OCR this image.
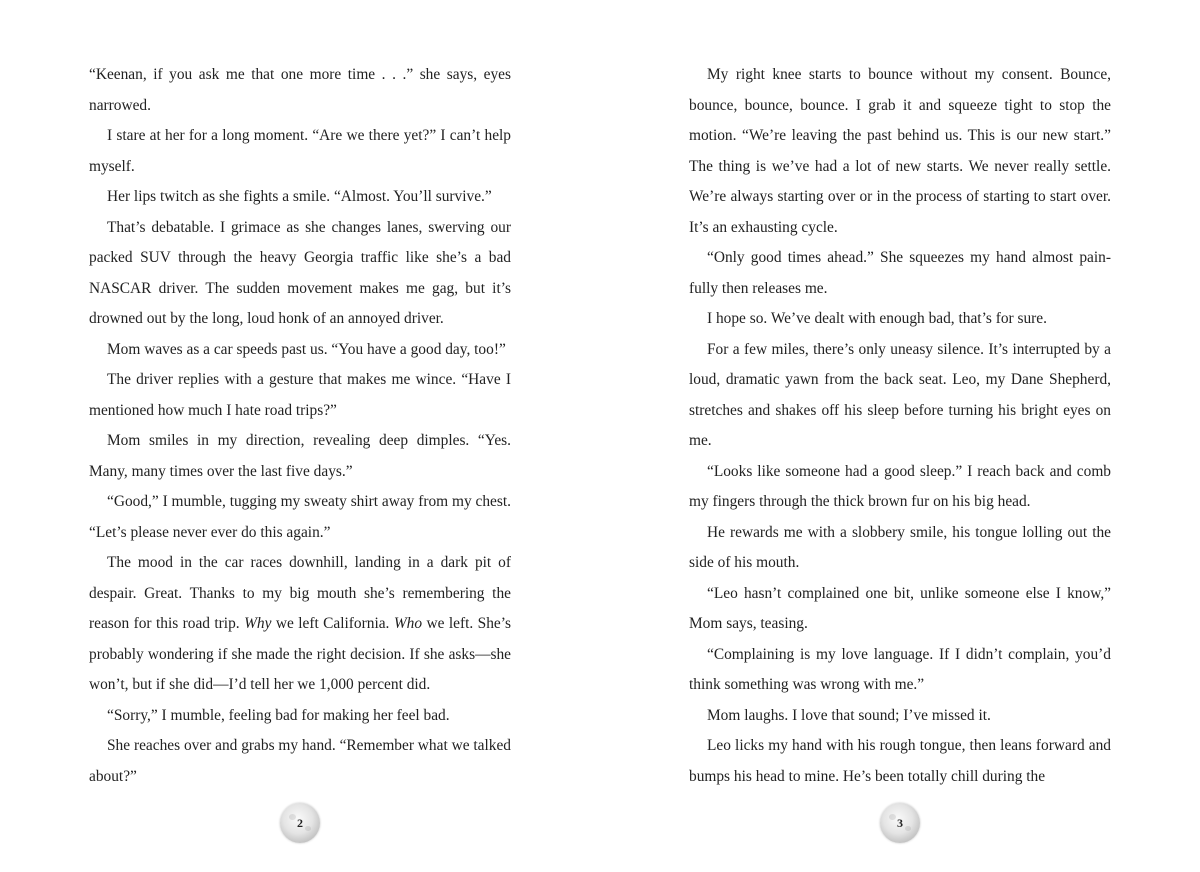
“Keenan, if you ask me that one more time . . .” she says, eyes narrowed.

I stare at her for a long moment. “Are we there yet?” I can’t help myself.

Her lips twitch as she fights a smile. “Almost. You’ll survive.”

That’s debatable. I grimace as she changes lanes, swerving our packed SUV through the heavy Georgia traffic like she’s a bad NASCAR driver. The sudden movement makes me gag, but it’s drowned out by the long, loud honk of an annoyed driver.

Mom waves as a car speeds past us. “You have a good day, too!”

The driver replies with a gesture that makes me wince. “Have I mentioned how much I hate road trips?”

Mom smiles in my direction, revealing deep dimples. “Yes. Many, many times over the last five days.”

“Good,” I mumble, tugging my sweaty shirt away from my chest. “Let’s please never ever do this again.”

The mood in the car races downhill, landing in a dark pit of despair. Great. Thanks to my big mouth she’s remembering the reason for this road trip. Why we left California. Who we left. She’s probably wondering if she made the right decision. If she asks—she won’t, but if she did—I’d tell her we 1,000 percent did.

“Sorry,” I mumble, feeling bad for making her feel bad.

She reaches over and grabs my hand. “Remember what we talked about?”

My right knee starts to bounce without my consent. Bounce, bounce, bounce, bounce. I grab it and squeeze tight to stop the motion. “We’re leaving the past behind us. This is our new start.” The thing is we’ve had a lot of new starts. We never really settle. We’re always starting over or in the process of starting to start over. It’s an exhausting cycle.

“Only good times ahead.” She squeezes my hand almost painfully then releases me.

I hope so. We’ve dealt with enough bad, that’s for sure.

For a few miles, there’s only uneasy silence. It’s interrupted by a loud, dramatic yawn from the back seat. Leo, my Dane Shepherd, stretches and shakes off his sleep before turning his bright eyes on me.

“Looks like someone had a good sleep.” I reach back and comb my fingers through the thick brown fur on his big head.

He rewards me with a slobbery smile, his tongue lolling out the side of his mouth.

“Leo hasn’t complained one bit, unlike someone else I know,” Mom says, teasing.

“Complaining is my love language. If I didn’t complain, you’d think something was wrong with me.”

Mom laughs. I love that sound; I’ve missed it.

Leo licks my hand with his rough tongue, then leans forward and bumps his head to mine. He’s been totally chill during the

2	3
